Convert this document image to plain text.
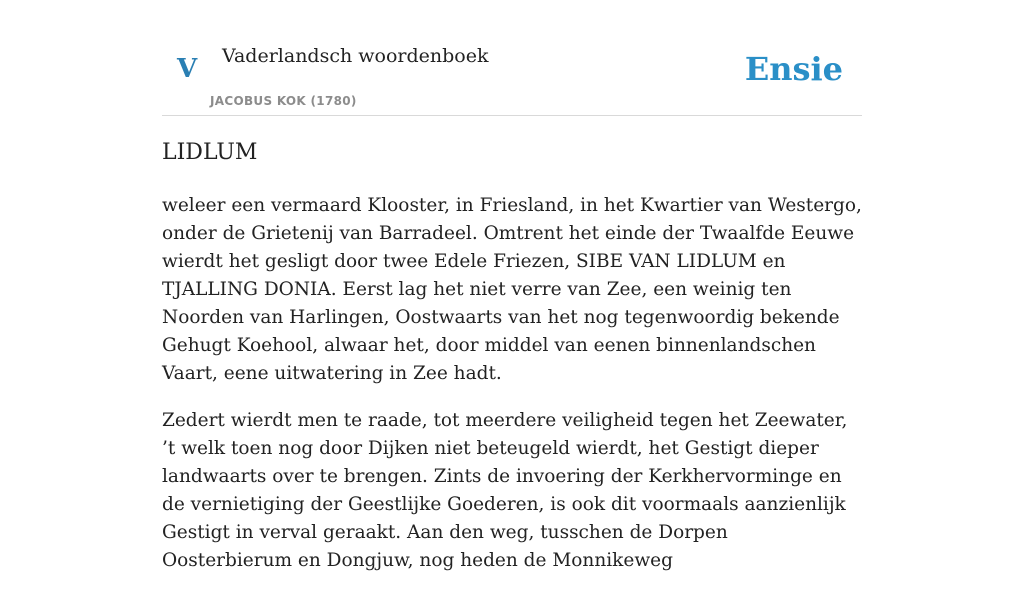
V Vaderlandsch woordenboek
JACOBUS KOK (1780)
Ensie
LIDLUM

weleer een vermaard Klooster, in Friesland, in het Kwartier van Westergo, onder de Grietenij van Barradeel. Omtrent het einde der Twaalfde Eeuwe wierdt het gesligt door twee Edele Friezen, SIBE VAN LIDLUM en TJALLING DONIA. Eerst lag het niet verre van Zee, een weinig ten Noorden van Harlingen, Oostwaarts van het nog tegenwoordig bekende Gehugt Koehool, alwaar het, door middel van eenen binnenlandschen Vaart, eene uitwatering in Zee hadt.

Zedert wierdt men te raade, tot meerdere veiligheid tegen het Zeewater, ’t welk toen nog door Dijken niet beteugeld wierdt, het Gestigt dieper landwaarts over te brengen. Zints de invoering der Kerkhervorminge en de vernietiging der Geestlijke Goederen, is ook dit voormaals aanzienlijk Gestigt in verval geraakt. Aan den weg, tusschen de Dorpen Oosterbierum en Dongjuw, nog heden de Monnikeweg
